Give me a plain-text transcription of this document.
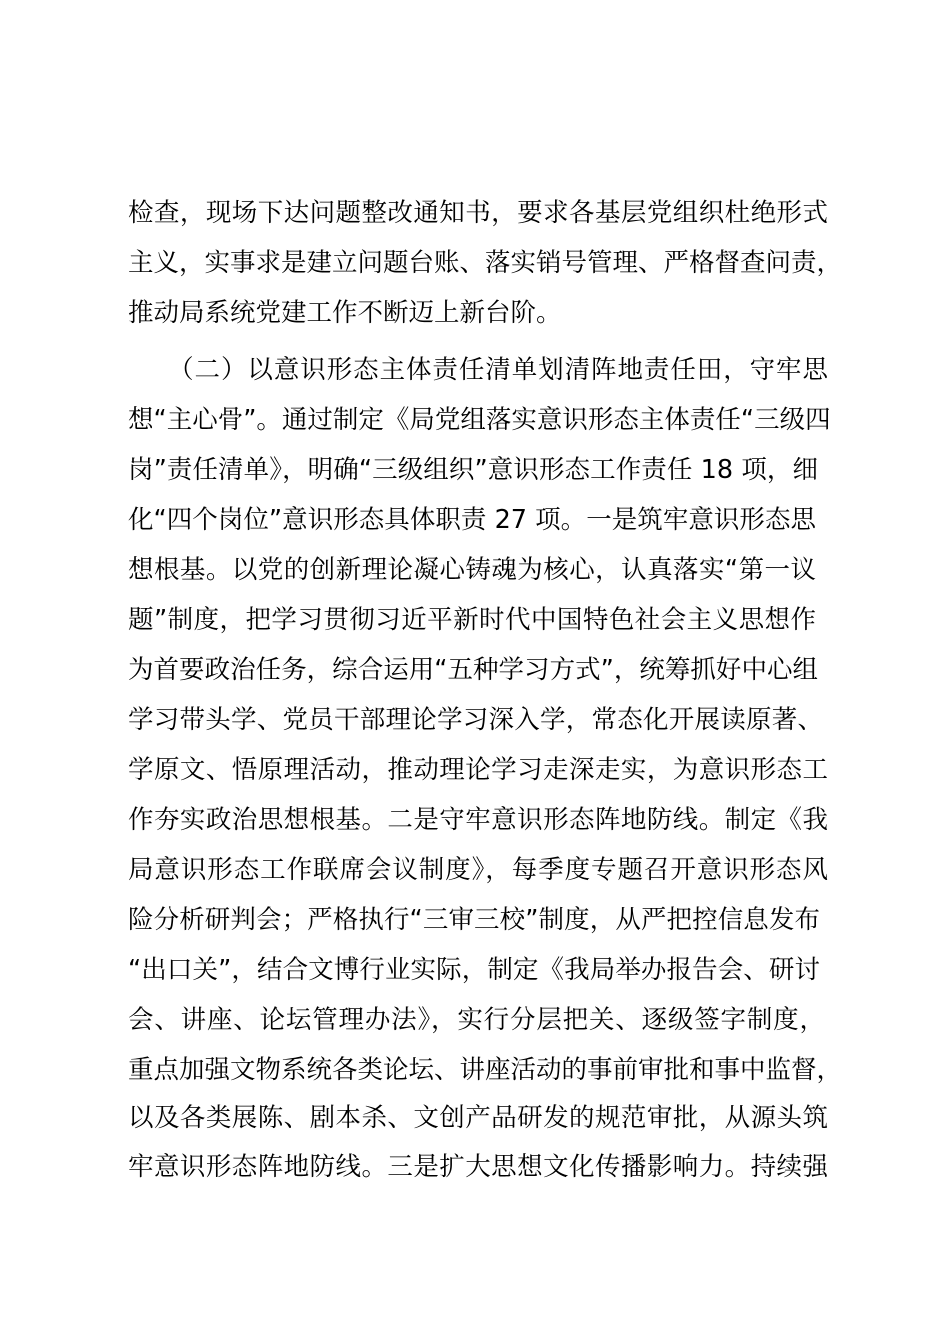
检查，现场下达问题整改通知书，要求各基层党组织杜绝形式
主义，实事求是建立问题台账、落实销号管理、严格督查问责，
推动局系统党建工作不断迈上新台阶。
　　（二）以意识形态主体责任清单划清阵地责任田，守牢思
想“主心骨”。通过制定《局党组落实意识形态主体责任“三级四
岗”责任清单》，明确“三级组织”意识形态工作责任 18 项，细
化“四个岗位”意识形态具体职责 27 项。一是筑牢意识形态思
想根基。以党的创新理论凝心铸魂为核心，认真落实“第一议
题”制度，把学习贯彻习近平新时代中国特色社会主义思想作
为首要政治任务，综合运用“五种学习方式”，统筹抓好中心组
学习带头学、党员干部理论学习深入学，常态化开展读原著、
学原文、悟原理活动，推动理论学习走深走实，为意识形态工
作夯实政治思想根基。二是守牢意识形态阵地防线。制定《我
局意识形态工作联席会议制度》，每季度专题召开意识形态风
险分析研判会；严格执行“三审三校”制度，从严把控信息发布
“出口关”，结合文博行业实际，制定《我局举办报告会、研讨
会、讲座、论坛管理办法》，实行分层把关、逐级签字制度，
重点加强文物系统各类论坛、讲座活动的事前审批和事中监督，
以及各类展陈、剧本杀、文创产品研发的规范审批，从源头筑
牢意识形态阵地防线。三是扩大思想文化传播影响力。持续强
